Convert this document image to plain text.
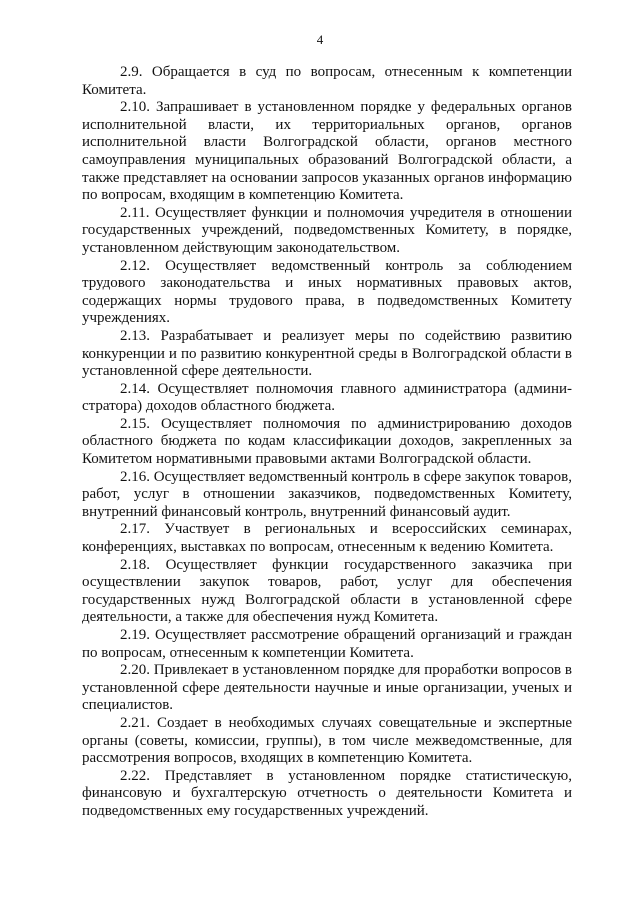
4

2.9. Обращается в суд по вопросам, отнесенным к компетенции Комитета.

2.10. Запрашивает в установленном порядке у федеральных органов исполнительной власти, их территориальных органов, органов исполнительной власти Волгоградской области, органов местного самоуправления муниципальных образований Волгоградской области, а также представляет на основании запросов указанных органов информацию по вопросам, входящим в компетенцию Комитета.

2.11. Осуществляет функции и полномочия учредителя в отношении государственных учреждений, подведомственных Комитету, в порядке, установленном действующим законодательством.

2.12. Осуществляет ведомственный контроль за соблюдением трудового законодательства и иных нормативных правовых актов, содержащих нормы трудового права, в подведомственных Комитету учреждениях.

2.13. Разрабатывает и реализует меры по содействию развитию конкуренции и по развитию конкурентной среды в Волгоградской области в установленной сфере деятельности.

2.14. Осуществляет полномочия главного администратора (администратора) доходов областного бюджета.

2.15. Осуществляет полномочия по администрированию доходов областного бюджета по кодам классификации доходов, закрепленных за Комитетом нормативными правовыми актами Волгоградской области.

2.16. Осуществляет ведомственный контроль в сфере закупок товаров, работ, услуг в отношении заказчиков, подведомственных Комитету, внутренний финансовый контроль, внутренний финансовый аудит.

2.17. Участвует в региональных и всероссийских семинарах, конференциях, выставках по вопросам, отнесенным к ведению Комитета.

2.18. Осуществляет функции государственного заказчика при осуществлении закупок товаров, работ, услуг для обеспечения государственных нужд Волгоградской области в установленной сфере деятельности, а также для обеспечения нужд Комитета.

2.19. Осуществляет рассмотрение обращений организаций и граждан по вопросам, отнесенным к компетенции Комитета.

2.20. Привлекает в установленном порядке для проработки вопросов в установленной сфере деятельности научные и иные организации, ученых и специалистов.

2.21. Создает в необходимых случаях совещательные и экспертные органы (советы, комиссии, группы), в том числе межведомственные, для рассмотрения вопросов, входящих в компетенцию Комитета.

2.22. Представляет в установленном порядке статистическую, финансовую и бухгалтерскую отчетность о деятельности Комитета и подведомственных ему государственных учреждений.
